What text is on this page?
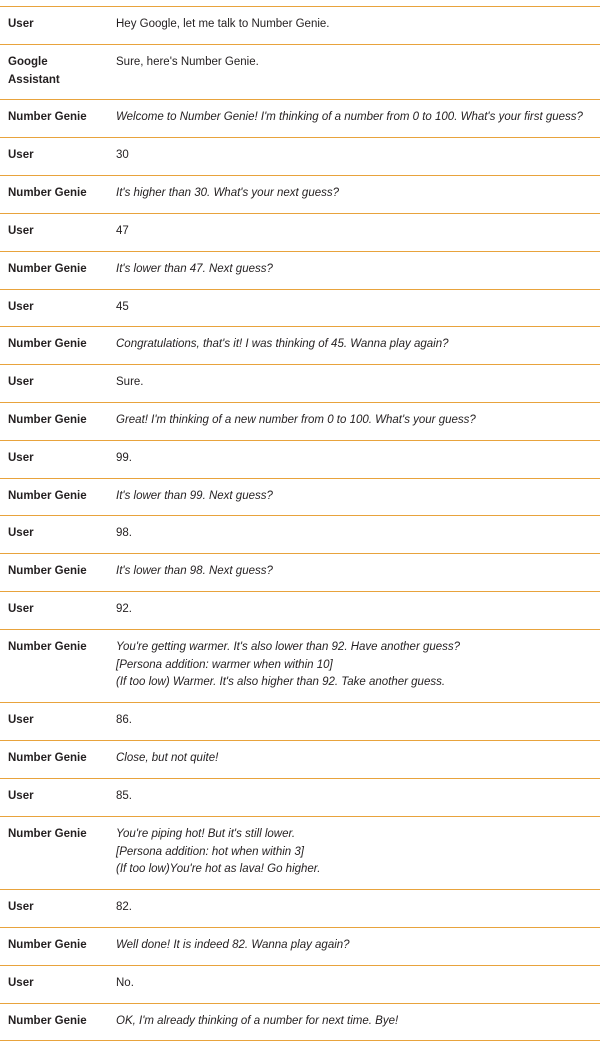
User	Hey Google, let me talk to Number Genie.

Google Assistant	Sure, here's Number Genie.

Number Genie	Welcome to Number Genie! I'm thinking of a number from 0 to 100. What's your first guess?

User	30

Number Genie	It's higher than 30. What's your next guess?

User	47

Number Genie	It's lower than 47. Next guess?

User	45

Number Genie	Congratulations, that's it! I was thinking of 45. Wanna play again?

User	Sure.

Number Genie	Great! I'm thinking of a new number from 0 to 100. What's your guess?

User	99.

Number Genie	It's lower than 99. Next guess?

User	98.

Number Genie	It's lower than 98. Next guess?

User	92.

Number Genie	You're getting warmer. It's also lower than 92. Have another guess?
[Persona addition: warmer when within 10]
(If too low) Warmer. It's also higher than 92. Take another guess.

User	86.

Number Genie	Close, but not quite!

User	85.

Number Genie	You're piping hot! But it's still lower.
[Persona addition: hot when within 3]
(If too low)You're hot as lava! Go higher.

User	82.

Number Genie	Well done! It is indeed 82. Wanna play again?

User	No.

Number Genie	OK, I'm already thinking of a number for next time. Bye!
